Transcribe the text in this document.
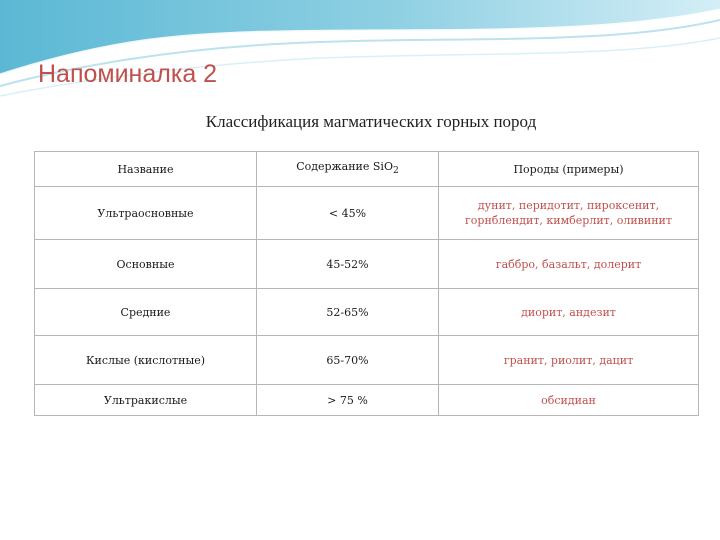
Напоминалка 2
Классификация магматических горных пород
Название	Содержание SiO$_2$	Породы (примеры)
Ультраосновные	< 45%	дунит, перидотит, пироксенит, горнблендит, кимберлит, оливинит
Основные	45-52%	габбро, базальт, долерит
Средние	52-65%	диорит, андезит
Кислые (кислотные)	65-70%	гранит, риолит, дацит
Ультракислые	> 75 %	обсидиан
